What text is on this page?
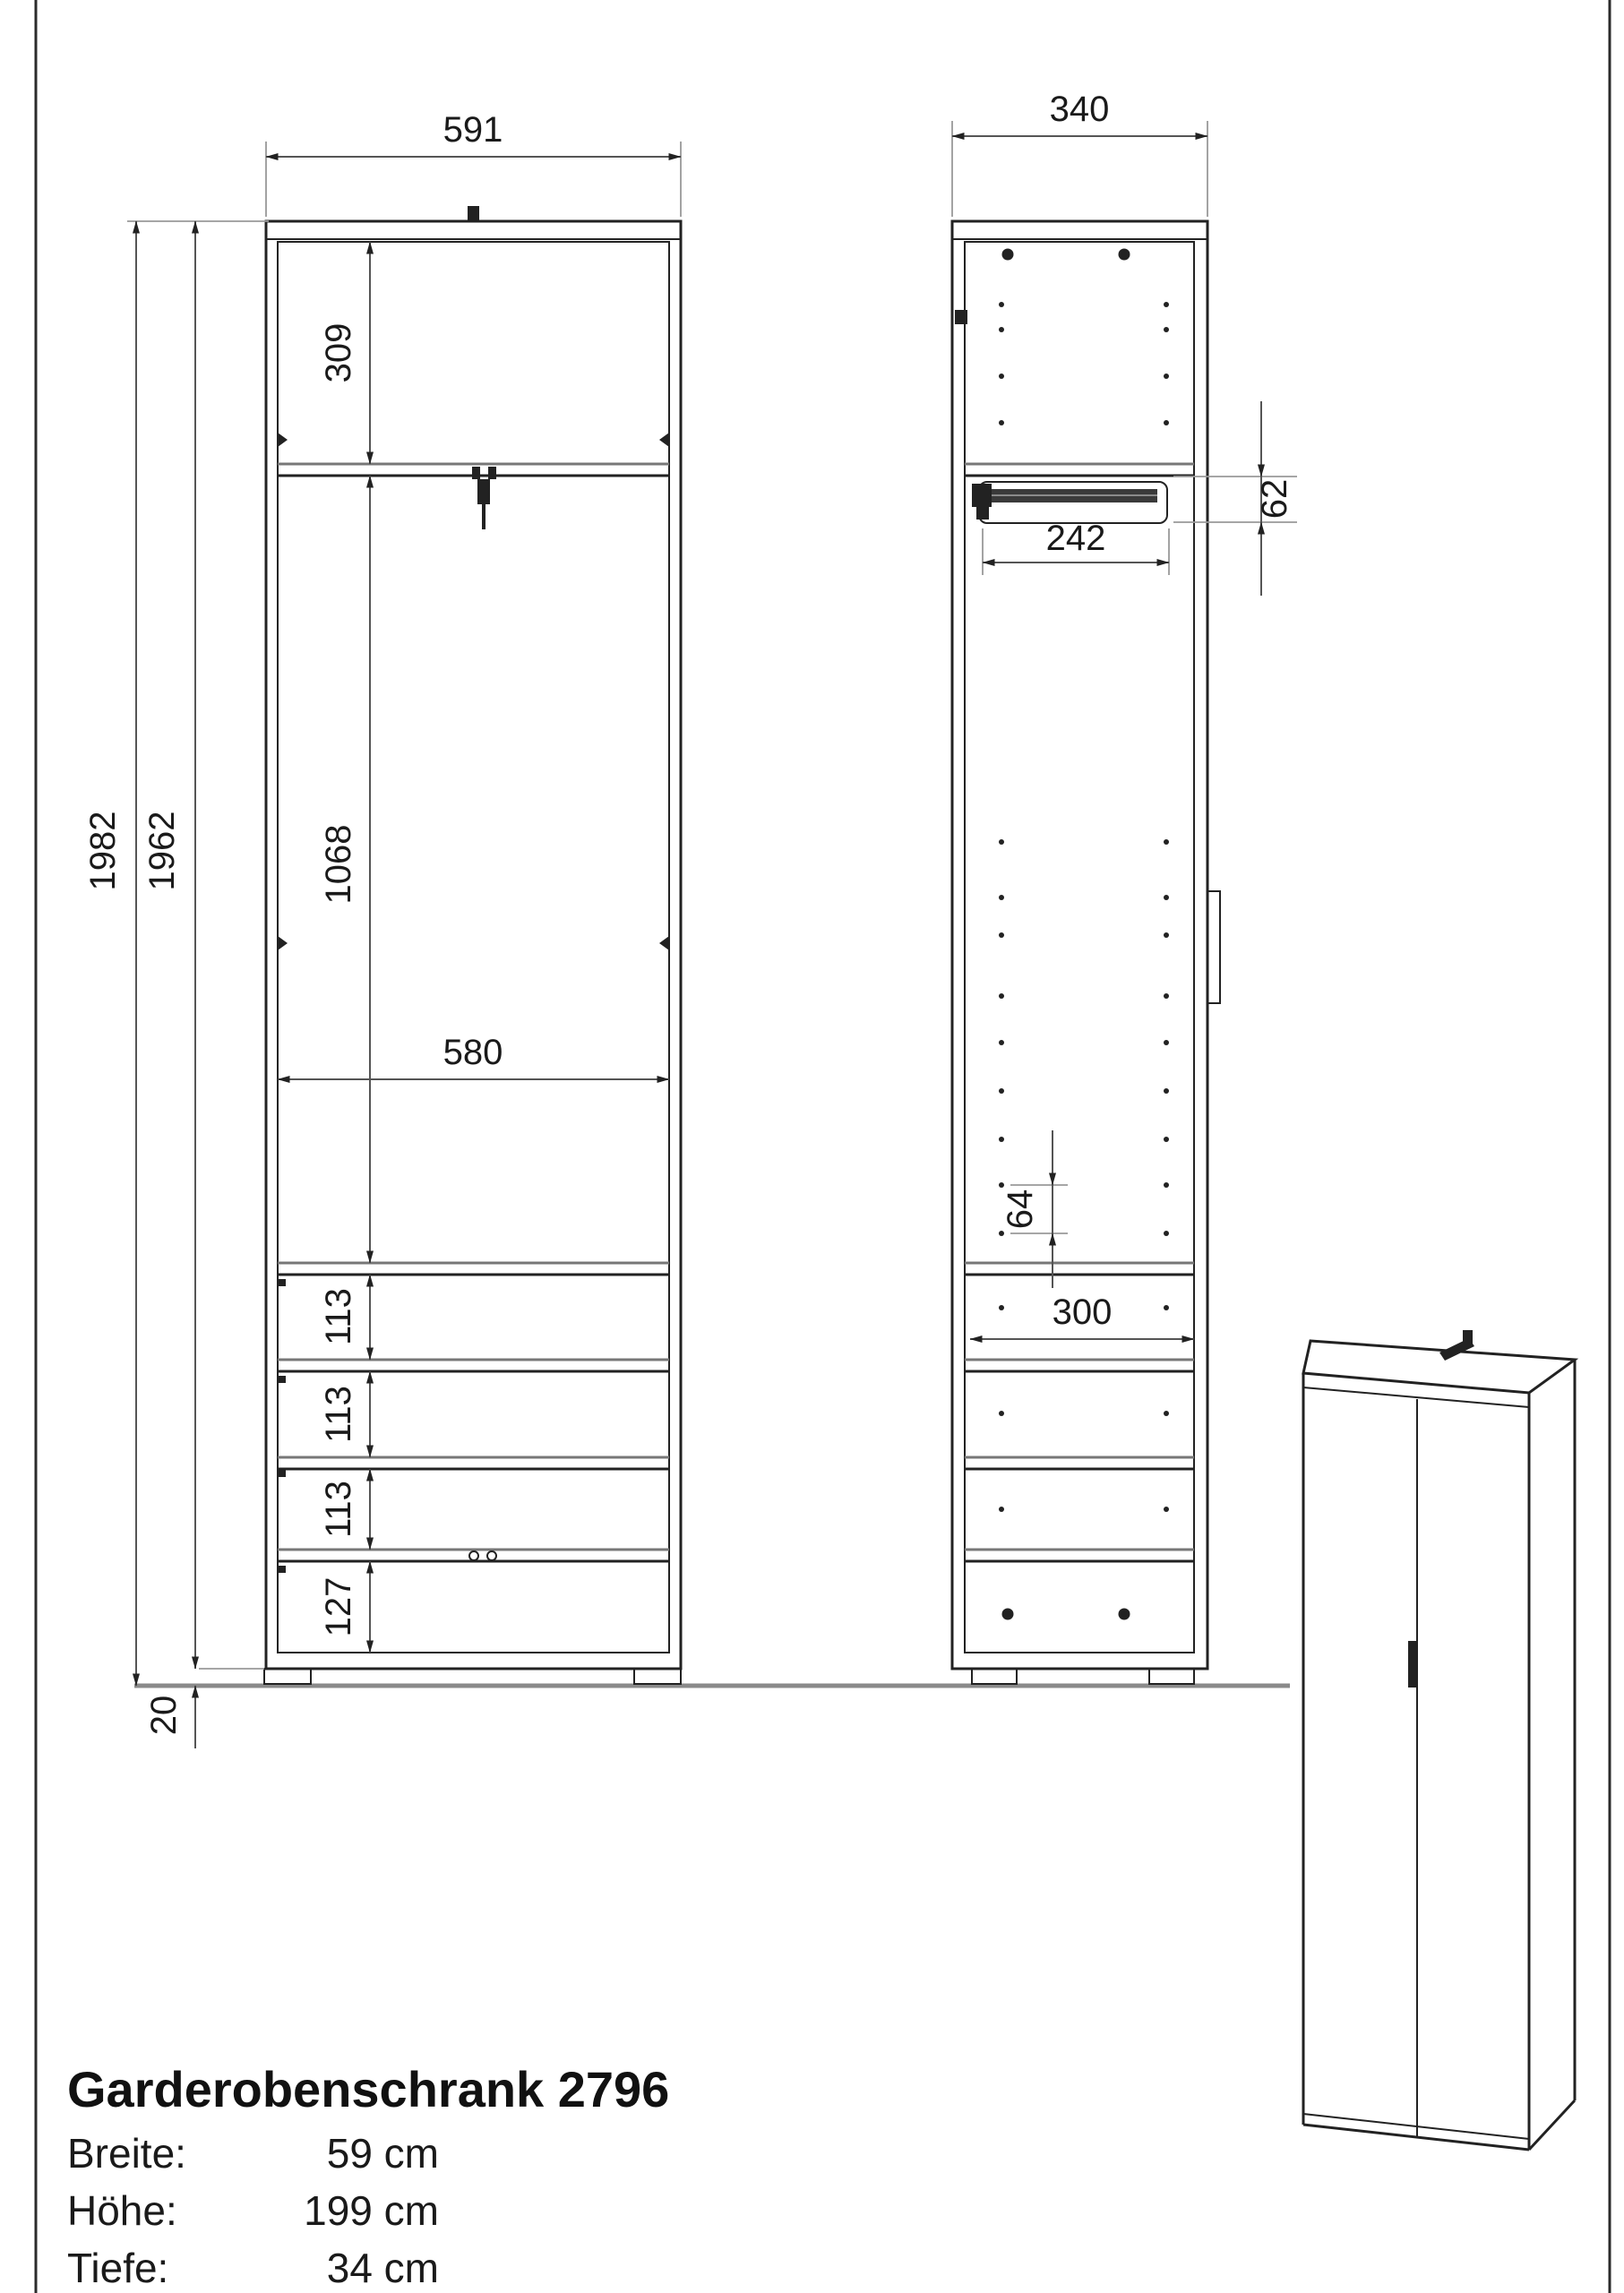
591
1982 1962
20
309
1068
580
113
113
113
127
340
62
242
64
300
Garderobenschrank 2796
Breite:	59 cm
Höhe:	199 cm
Tiefe:	34 cm
